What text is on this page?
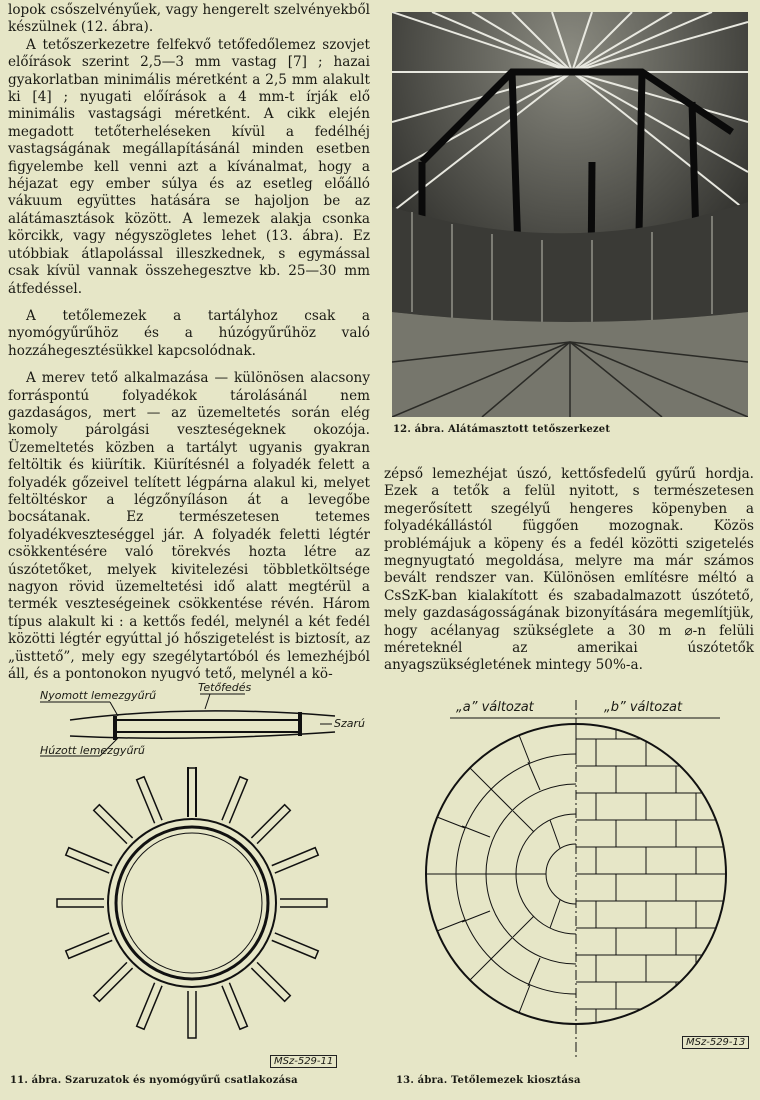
lopok csőszelvényűek, vagy hengerelt szelvényekből készülnek (12. ábra).

A tetőszerkezetre felfekvő tetőfedőlemez szovjet előírások szerint 2,5—3 mm vastag [7] ; hazai gyakorlatban minimális méretként a 2,5 mm alakult ki [4] ; nyugati előírások a 4 mm-t írják elő minimális vastagsági méretként. A cikk elején megadott tetőterheléseken kívül a fedélhéj vastagságának megállapításánál minden esetben figyelembe kell venni azt a kívánalmat, hogy a héjazat egy ember súlya és az esetleg előálló vákuum együttes hatására se hajoljon be az alátámasztások között. A lemezek alakja csonka körcikk, vagy négyszögletes lehet (13. ábra). Ez utóbbiak átlapolással illeszkednek, s egymással csak kívül vannak összehegesztve kb. 25—30 mm átfedéssel.

A tetőlemezek a tartályhoz csak a nyomógyűrűhöz és a húzógyűrűhöz való hozzáhegesztésükkel kapcsolódnak.

A merev tető alkalmazása — különösen alacsony forráspontú folyadékok tárolásánál nem gazdaságos, mert — az üzemeltetés során elég komoly párolgási veszteségeknek okozója. Üzemeltetés közben a tartályt ugyanis gyakran feltöltik és kiürítik. Kiürítésnél a folyadék felett a folyadék gőzeivel telített légpárna alakul ki, melyet feltöltéskor a légzőnyíláson át a levegőbe bocsátanak. Ez természetesen tetemes folyadékveszteséggel jár. A folyadék feletti légtér csökkentésére való törekvés hozta létre az úszótetőket, melyek kivitelezési többletköltsége nagyon rövid üzemeltetési idő alatt megtérül a termék veszteségeinek csökkentése révén. Három típus alakult ki : a kettős fedél, melynél a két fedél közötti légtér egyúttal jó hőszigetelést is biztosít, az „üsttető”, mely egy szegélytartóból és lemezhéjból áll, és a pontonokon nyugvó tető, melynél a kö-

12. ábra. Alátámasztott tetőszerkezet

zépső lemezhéjat úszó, kettősfedelű gyűrű hordja. Ezek a tetők a felül nyitott, s természetesen megerősített szegélyű hengeres köpenyben a folyadékállástól függően mozognak. Közös problémájuk a köpeny és a fedél közötti szigetelés megnyugtató megoldása, melyre ma már számos bevált rendszer van. Különösen említésre méltó a CsSzK-ban kialakított és szabadalmazott úszótető, mely gazdaságosságának bizonyítására megemlítjük, hogy acélanyag szükséglete a 30 m ⌀-n felüli méreteknél az amerikai úszótetők anyagszükségletének mintegy 50%-a.

Nyomott lemezgyűrű
Tetőfedés
Szarú
Húzott lemezgyűrű
MSz-529-11
11. ábra. Szaruzatok és nyomógyűrű csatlakozása
„a” változat	„b” változat
MSz-529-13
13. ábra. Tetőlemezek kiosztása
